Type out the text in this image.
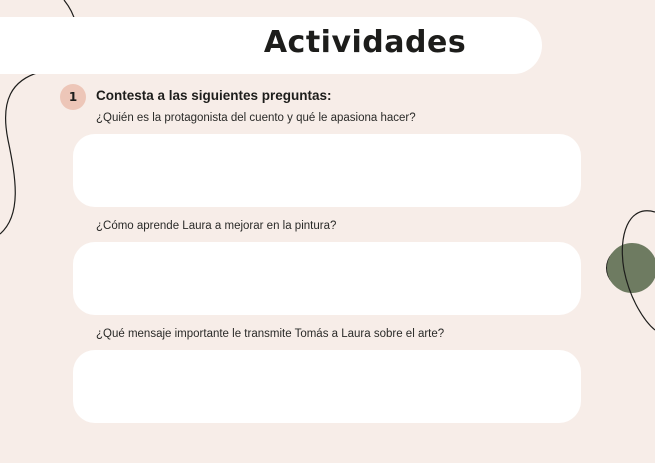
Actividades
1	Contesta a las siguientes preguntas:
¿Quién es la protagonista del cuento y qué le apasiona hacer?
¿Cómo aprende Laura a mejorar en la pintura?
¿Qué mensaje importante le transmite Tomás a Laura sobre el arte?
